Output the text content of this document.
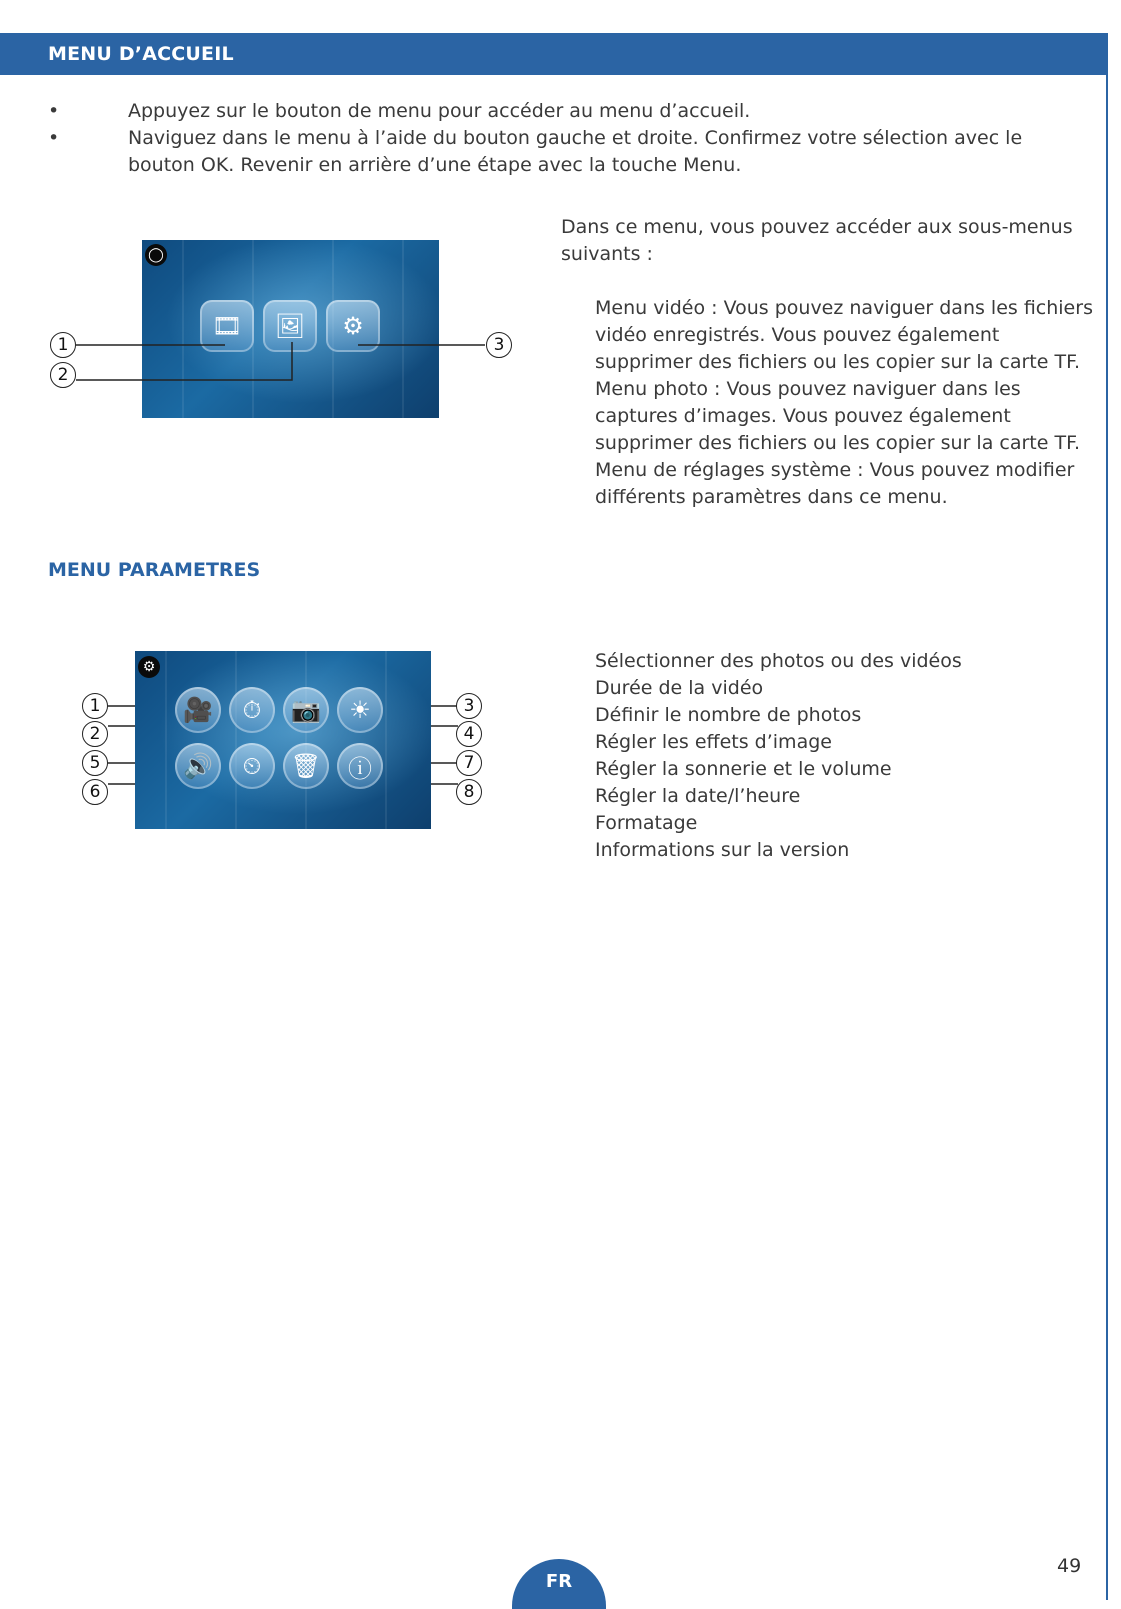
MENU D’ACCUEIL
•	Appuyez sur le bouton de menu pour accéder au menu d’accueil.
•	Naviguez dans le menu à l’aide du bouton gauche et droite. Confirmez votre sélection avec le bouton OK. Revenir en arrière d’une étape avec la touche Menu.
◯
🎞	🖼	⚙
1
2
3
Dans ce menu, vous pouvez accéder aux sous-menus suivants :

Menu vidéo : Vous pouvez naviguer dans les fichiers vidéo enregistrés. Vous pouvez également supprimer des fichiers ou les copier sur la carte TF.

Menu photo : Vous pouvez naviguer dans les captures d’images. Vous pouvez également supprimer des fichiers ou les copier sur la carte TF.

Menu de réglages système : Vous pouvez modifier différents paramètres dans ce menu.

MENU PARAMETRES
⚙
🎥	⏱	📷	☀
🔊	⏲	🗑	ⓘ
1
2
3
4
5
6
7
8
Sélectionner des photos ou des vidéos
Durée de la vidéo
Définir le nombre de photos
Régler les effets d’image
Régler la sonnerie et le volume
Régler la date/l’heure
Formatage
Informations sur la version
FR
49
